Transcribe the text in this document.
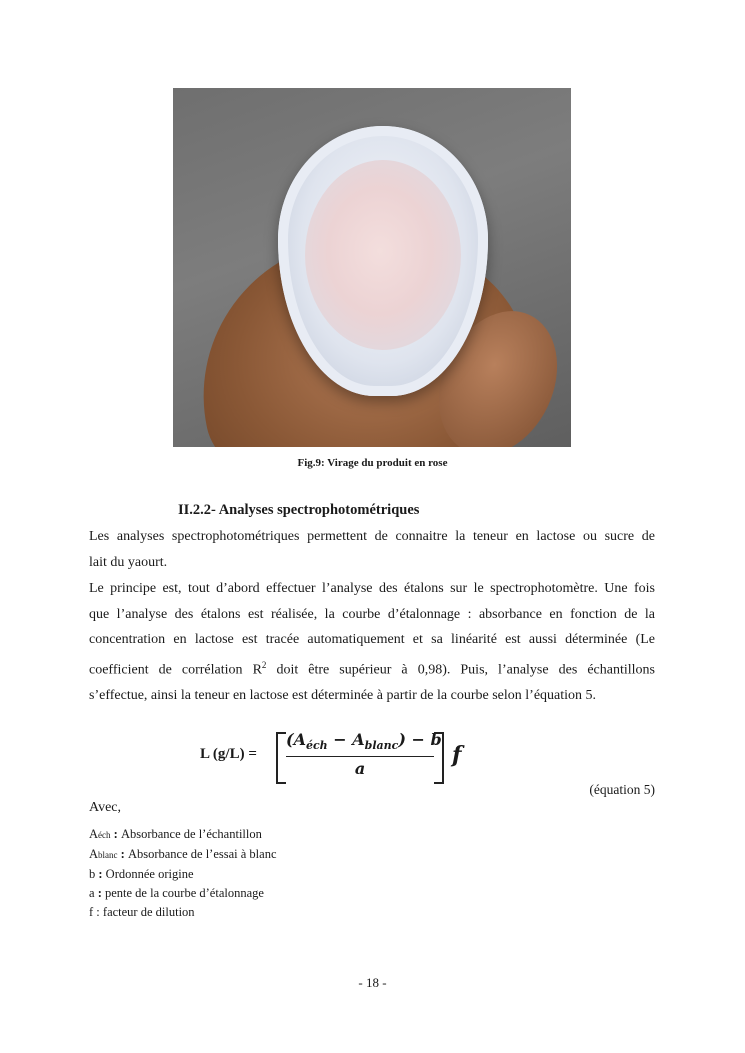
Fig.9: Virage du produit en rose
II.2.2- Analyses spectrophotométriques
Les analyses spectrophotométriques permettent de connaitre la teneur en lactose ou sucre de
lait du yaourt.
Le principe est, tout d’abord effectuer l’analyse des étalons sur le spectrophotomètre. Une fois
que l’analyse des étalons est réalisée, la courbe d’étalonnage : absorbance en fonction de la
concentration en lactose est tracée automatiquement et sa linéarité est aussi déterminée (Le
coefficient de corrélation $R^2$ doit être supérieur à 0,98). Puis, l’analyse des échantillons
s’effectue, ainsi la teneur en lactose est déterminée à partir de la courbe selon l’équation 5.
L (g/L) =
$(A_{éch} - A_{blanc}) - b$
a
f
(équation 5)
Avec,
Aéch : Absorbance de l’échantillon
Ablanc : Absorbance de l’essai à blanc
b : Ordonnée origine
a : pente de la courbe d’étalonnage
f : facteur de dilution
- 18 -
